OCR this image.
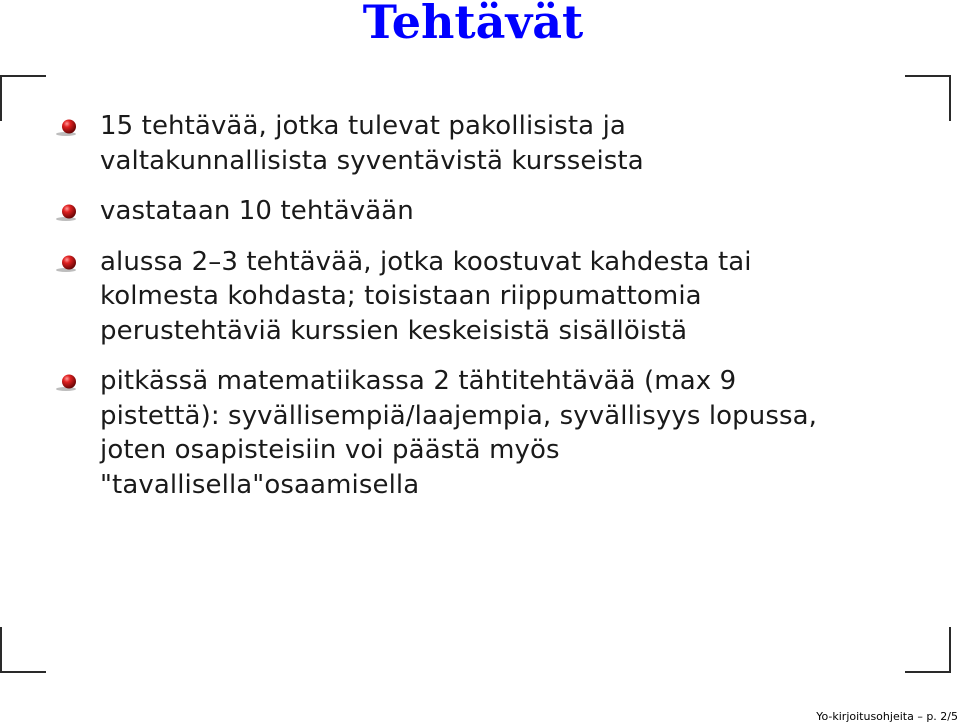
Tehtävät
15 tehtävää, jotka tulevat pakollisista ja
valtakunnallisista syventävistä kursseista
vastataan 10 tehtävään
alussa 2–3 tehtävää, jotka koostuvat kahdesta tai
kolmesta kohdasta; toisistaan riippumattomia
perustehtäviä kurssien keskeisistä sisällöistä
pitkässä matematiikassa 2 tähtitehtävää (max 9
pistettä): syvällisempiä/laajempia, syvällisyys lopussa,
joten osapisteisiin voi päästä myös
"tavallisella"osaamisella
Yo-kirjoitusohjeita – p. 2/5
